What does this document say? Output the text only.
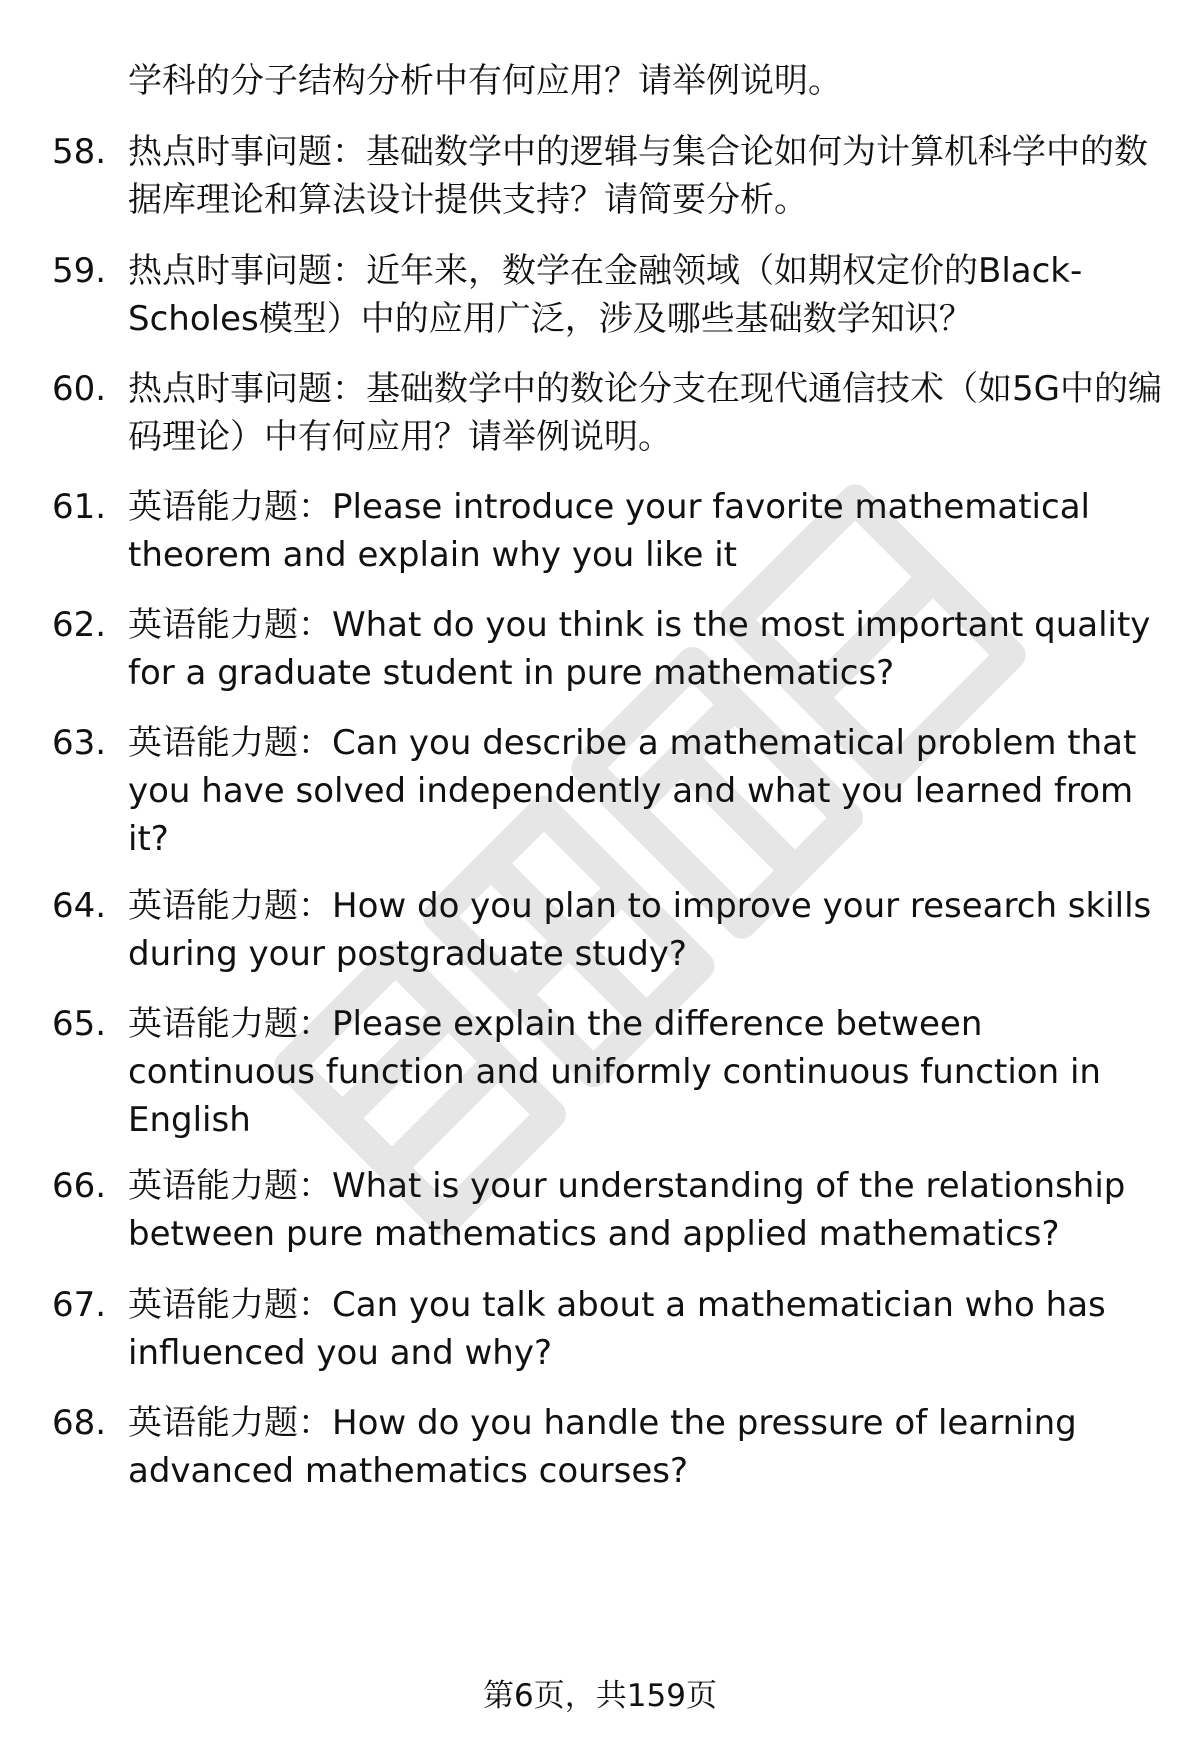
学科的分子结构分析中有何应用？请举例说明。

58. 热点时事问题：基础数学中的逻辑与集合论如何为计算机科学中的数据库理论和算法设计提供支持？请简要分析。

59. 热点时事问题：近年来，数学在金融领域（如期权定价的Black-Scholes模型）中的应用广泛，涉及哪些基础数学知识？

60. 热点时事问题：基础数学中的数论分支在现代通信技术（如5G中的编码理论）中有何应用？请举例说明。

61. 英语能力题：Please introduce your favorite mathematical theorem and explain why you like it

62. 英语能力题：What do you think is the most important quality for a graduate student in pure mathematics?

63. 英语能力题：Can you describe a mathematical problem that you have solved independently and what you learned from it?

64. 英语能力题：How do you plan to improve your research skills during your postgraduate study?

65. 英语能力题：Please explain the difference between continuous function and uniformly continuous function in English

66. 英语能力题：What is your understanding of the relationship between pure mathematics and applied mathematics?

67. 英语能力题：Can you talk about a mathematician who has influenced you and why?

68. 英语能力题：How do you handle the pressure of learning advanced mathematics courses?

第6页，共159页
